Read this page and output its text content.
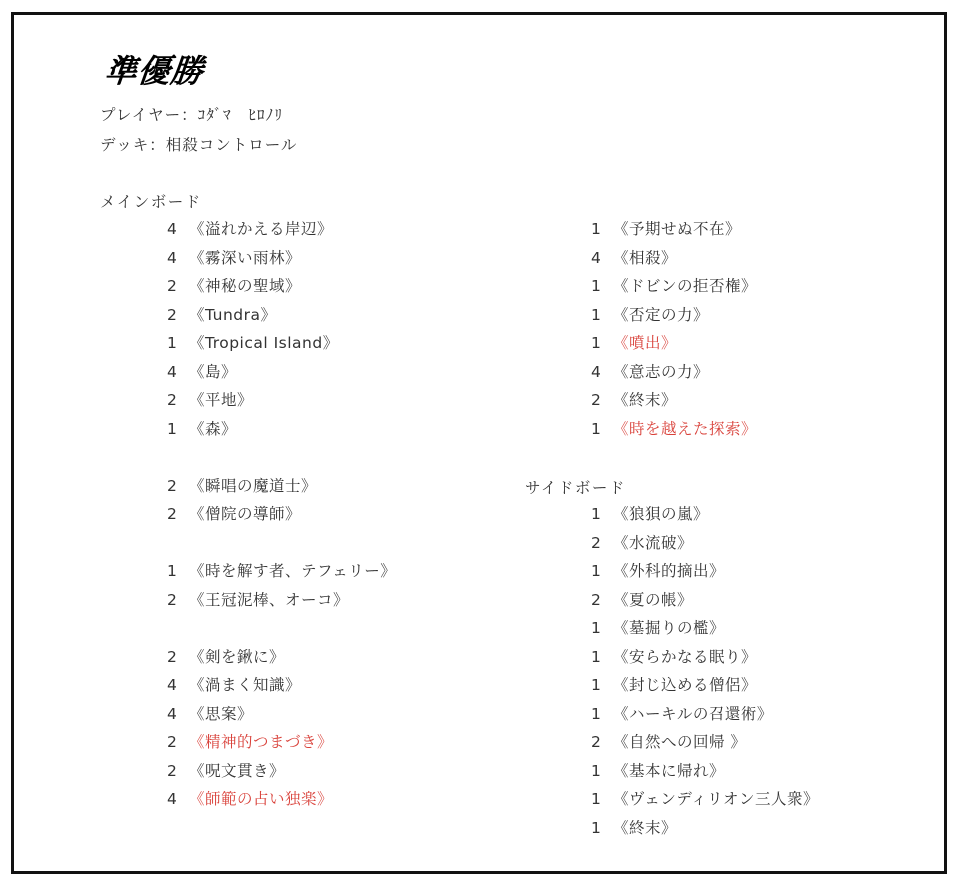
準優勝
プレイヤー：ｺﾀﾞﾏ　ﾋﾛﾉﾘ
デッキ：相殺コントロール
メインボード
サイドボード
4 《溢れかえる岸辺》
4 《霧深い雨林》
2 《神秘の聖域》
2 《Tundra》
1 《Tropical Island》
4 《島》
2 《平地》
1 《森》
2 《瞬唱の魔道士》
2 《僧院の導師》
1 《時を解す者、テフェリー》
2 《王冠泥棒、オーコ》
2 《剣を鍬に》
4 《渦まく知識》
4 《思案》
2 《精神的つまづき》
2 《呪文貫き》
4 《師範の占い独楽》
1 《予期せぬ不在》
4 《相殺》
1 《ドビンの拒否権》
1 《否定の力》
1 《噴出》
4 《意志の力》
2 《終末》
1 《時を越えた探索》
1 《狼狽の嵐》
2 《水流破》
1 《外科的摘出》
2 《夏の帳》
1 《墓掘りの檻》
1 《安らかなる眠り》
1 《封じ込める僧侶》
1 《ハーキルの召還術》
2 《自然への回帰 》
1 《基本に帰れ》
1 《ヴェンディリオン三人衆》
1 《終末》
